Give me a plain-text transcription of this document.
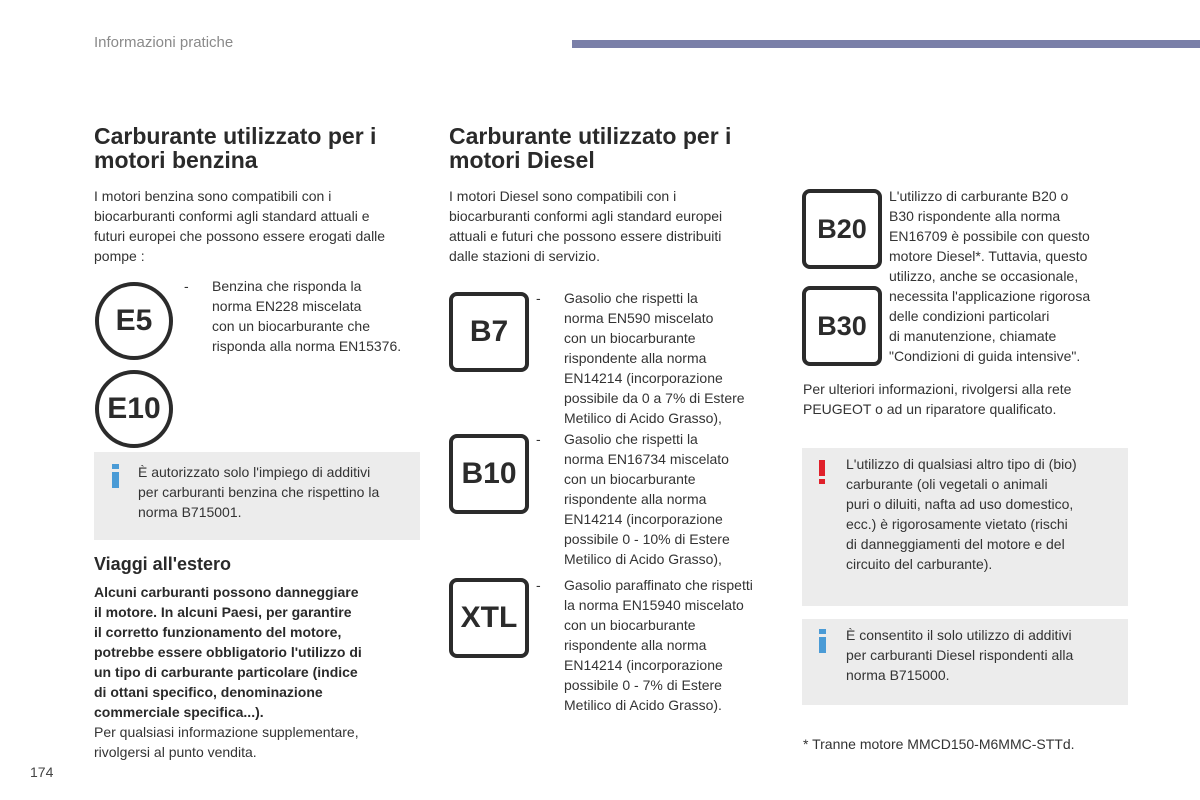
Informazioni pratiche
Carburante utilizzato per i
motori benzina
I motori benzina sono compatibili con i
biocarburanti conformi agli standard attuali e
futuri europei che possono essere erogati dalle
pompe :
E5
E10
-	Benzina che risponda la
norma EN228 miscelata
con un biocarburante che
risponda alla norma EN15376.
È autorizzato solo l'impiego di additivi
per carburanti benzina che rispettino la
norma B715001.
Viaggi all'estero
Alcuni carburanti possono danneggiare
il motore. In alcuni Paesi, per garantire
il corretto funzionamento del motore,
potrebbe essere obbligatorio l'utilizzo di
un tipo di carburante particolare (indice
di ottani specifico, denominazione
commerciale specifica...).
Per qualsiasi informazione supplementare,
rivolgersi al punto vendita.
Carburante utilizzato per i
motori Diesel
I motori Diesel sono compatibili con i
biocarburanti conformi agli standard europei
attuali e futuri che possono essere distribuiti
dalle stazioni di servizio.
B7
-	Gasolio che rispetti la
norma EN590 miscelato
con un biocarburante
rispondente alla norma
EN14214 (incorporazione
possibile da 0 a 7% di Estere
Metilico di Acido Grasso),
B10
-	Gasolio che rispetti la
norma EN16734 miscelato
con un biocarburante
rispondente alla norma
EN14214 (incorporazione
possibile 0 - 10% di Estere
Metilico di Acido Grasso),
XTL
-	Gasolio paraffinato che rispetti
la norma EN15940 miscelato
con un biocarburante
rispondente alla norma
EN14214 (incorporazione
possibile 0 - 7% di Estere
Metilico di Acido Grasso).
B20
B30
L'utilizzo di carburante B20 o
B30 rispondente alla norma
EN16709 è possibile con questo
motore Diesel*. Tuttavia, questo
utilizzo, anche se occasionale,
necessita l'applicazione rigorosa
delle condizioni particolari
di manutenzione, chiamate
"Condizioni di guida intensive".
Per ulteriori informazioni, rivolgersi alla rete
PEUGEOT o ad un riparatore qualificato.
L'utilizzo di qualsiasi altro tipo di (bio)
carburante (oli vegetali o animali
puri o diluiti, nafta ad uso domestico,
ecc.) è rigorosamente vietato (rischi
di danneggiamenti del motore e del
circuito del carburante).
È consentito il solo utilizzo di additivi
per carburanti Diesel rispondenti alla
norma B715000.
* Tranne motore MMCD150-M6MMC-STTd.
174
